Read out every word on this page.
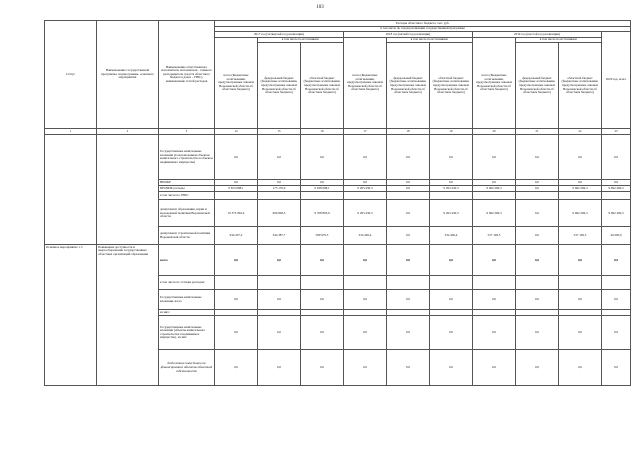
103
Статус	Наименование государственной программы, подпрограммы, основного мероприятия	Наименование ответственного исполнителя, исполнителя - главного распорядителя средств областного бюджета (далее - ГРБС), наименование статей расходов	Расходы областного бюджета, тыс. руб.									
			в том числе по годам реализации государственной программы									
			2017 год (четвертый год реализации)			2018 год (пятый год реализации)			2019 год (шестой год реализации)			2020 год, всего
			всего (Бюджетные ассигнования, предусмотренные законом Воронежской области об областном бюджете)	в том числе по источникам:		всего (Бюджетные ассигнования, предусмотренные законом Воронежской области об областном бюджете)	в том числе по источникам:		всего (Бюджетные ассигнования, предусмотренные законом Воронежской области об областном бюджете)	в том числе по источникам:		
				федеральный бюджет (бюджетные ассигнования, предусмотренные законом Воронежской области об областном бюджете)	областной бюджет (бюджетные ассигнования, предусмотренные законом Воронежской области об областном бюджете)		федеральный бюджет (бюджетные ассигнования, предусмотренные законом Воронежской области об областном бюджете)	областной бюджет (бюджетные ассигнования, предусмотренные законом Воронежской области об областном бюджете)		федеральный бюджет (бюджетные ассигнования, предусмотренные законом Воронежской области об областном бюджете)	областной бюджет (бюджетные ассигнования, предусмотренные законом Воронежской области об областном бюджете)	
1	2	3	14	15	16	17	18	19	20	21	22	23
		Государственные капитальные вложения (за исключением объектов капитального строительства в объекты недвижимого имущества)	0,0	0,0	0,0	0,0	0,0	0,0	0,0	0,0	0,0	0,0
		НИОКР	0,0	0,0	0,0	0,0	0,0	0,0	0,0	0,0	0,0	0,0
		ПРОЧИЕ расходы	9 813 088,1	175 170,0	9 638 098,1	9 293 430,3	0,0	9 293 430,3	9 692 269,3	0,0	9 692 269,3	9 692 269,3
		в том числе по ГРБС:										
		департамент образования, науки и молодежной политики Воронежской области	10 375 002,4	606 828,5	9 768 863,9	9 293 430,3	0,0	9 293 430,3	9 692 269,3	0,0	9 692 269,3	9 692 269,3
		департамент строительной политики Воронежской области	934 267,2	344 387,7	589 979,5	334 436,4	0,0	334 436,4	537 109,5	0,0	537 109,5	40 000,0
Основное мероприятие 1.3	Повышение доступности и энергосбережения государственных областных организаций образования	всего	0,0	0,0	0,0	0,0	0,0	0,0	0,0	0,0	0,0	0,0
		в том числе по статьям расходов:										
		Государственные капитальные вложения, всего	0,0	0,0	0,0	0,0	0,0	0,0	0,0	0,0	0,0	0,0
		из них:										
		Государственные капитальные вложения (объекты капитального строительства в недвижимое имущество), из них	0,0	0,0	0,0	0,0	0,0	0,0	0,0	0,0	0,0	0,0
		бюджетные инвестиции на финансирование объектов областной собственности	0,0	0,0	0,0	0,0	0,0	0,0	0,0	0,0	0,0	0,0
